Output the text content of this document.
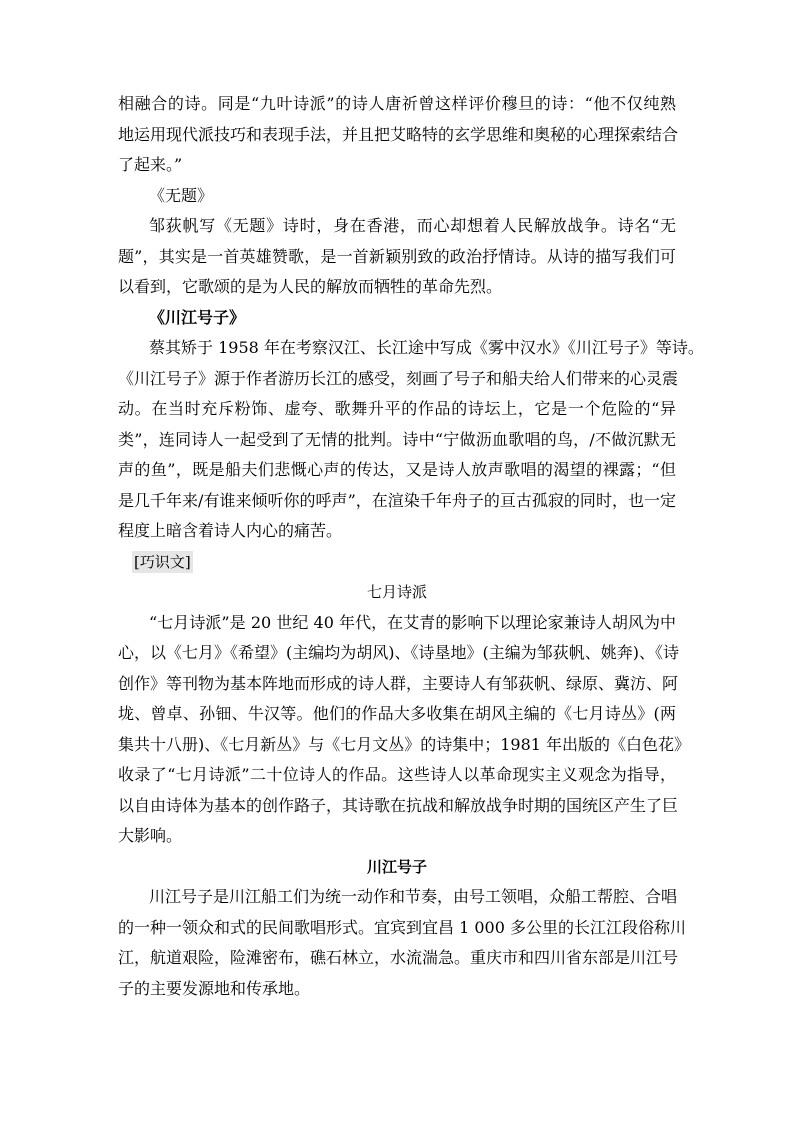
相融合的诗。同是“九叶诗派”的诗人唐祈曾这样评价穆旦的诗：“他不仅纯熟
地运用现代派技巧和表现手法，并且把艾略特的玄学思维和奥秘的心理探索结合
了起来。”
《无题》
邹荻帆写《无题》诗时，身在香港，而心却想着人民解放战争。诗名“无
题”，其实是一首英雄赞歌，是一首新颖别致的政治抒情诗。从诗的描写我们可
以看到，它歌颂的是为人民的解放而牺牲的革命先烈。
《川江号子》
蔡其矫于 1958 年在考察汉江、长江途中写成《雾中汉水》《川江号子》等诗。
《川江号子》源于作者游历长江的感受，刻画了号子和船夫给人们带来的心灵震
动。在当时充斥粉饰、虚夸、歌舞升平的作品的诗坛上，它是一个危险的“异
类”，连同诗人一起受到了无情的批判。诗中“宁做沥血歌唱的鸟，/不做沉默无
声的鱼”，既是船夫们悲慨心声的传达，又是诗人放声歌唱的渴望的裸露；“但
是几千年来/有谁来倾听你的呼声”，在渲染千年舟子的亘古孤寂的同时，也一定
程度上暗含着诗人内心的痛苦。
[巧识文]
七月诗派
“七月诗派”是 20 世纪 40 年代，在艾青的影响下以理论家兼诗人胡风为中
心，以《七月》《希望》(主编均为胡风)、《诗垦地》(主编为邹荻帆、姚奔)、《诗
创作》等刊物为基本阵地而形成的诗人群，主要诗人有邹荻帆、绿原、冀汸、阿
垅、曾卓、孙钿、牛汉等。他们的作品大多收集在胡风主编的《七月诗丛》(两
集共十八册)、《七月新丛》与《七月文丛》的诗集中；1981 年出版的《白色花》
收录了“七月诗派”二十位诗人的作品。这些诗人以革命现实主义观念为指导，
以自由诗体为基本的创作路子，其诗歌在抗战和解放战争时期的国统区产生了巨
大影响。
川江号子
川江号子是川江船工们为统一动作和节奏，由号工领唱，众船工帮腔、合唱
的一种一领众和式的民间歌唱形式。宜宾到宜昌 1 000 多公里的长江江段俗称川
江，航道艰险，险滩密布，礁石林立，水流湍急。重庆市和四川省东部是川江号
子的主要发源地和传承地。
